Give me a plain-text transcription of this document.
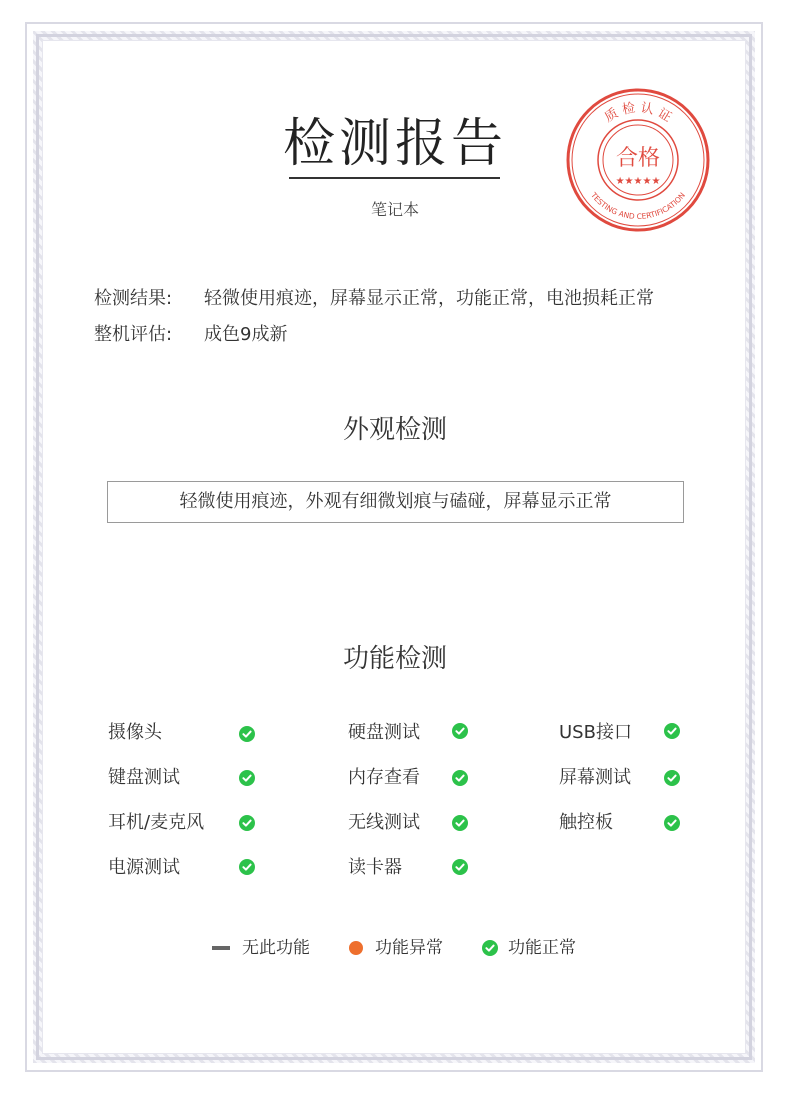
检测报告
笔记本
质 检 认 证
合格
★★★★★
TESTING AND CERTIFICATION
检测结果: 轻微使用痕迹，屏幕显示正常，功能正常，电池损耗正常
整机评估: 成色9成新
外观检测
轻微使用痕迹，外观有细微划痕与磕碰，屏幕显示正常
功能检测
摄像头	硬盘测试	USB接口
键盘测试	内存查看	屏幕测试
耳机/麦克风	无线测试	触控板
电源测试	读卡器
无此功能	功能异常	功能正常
